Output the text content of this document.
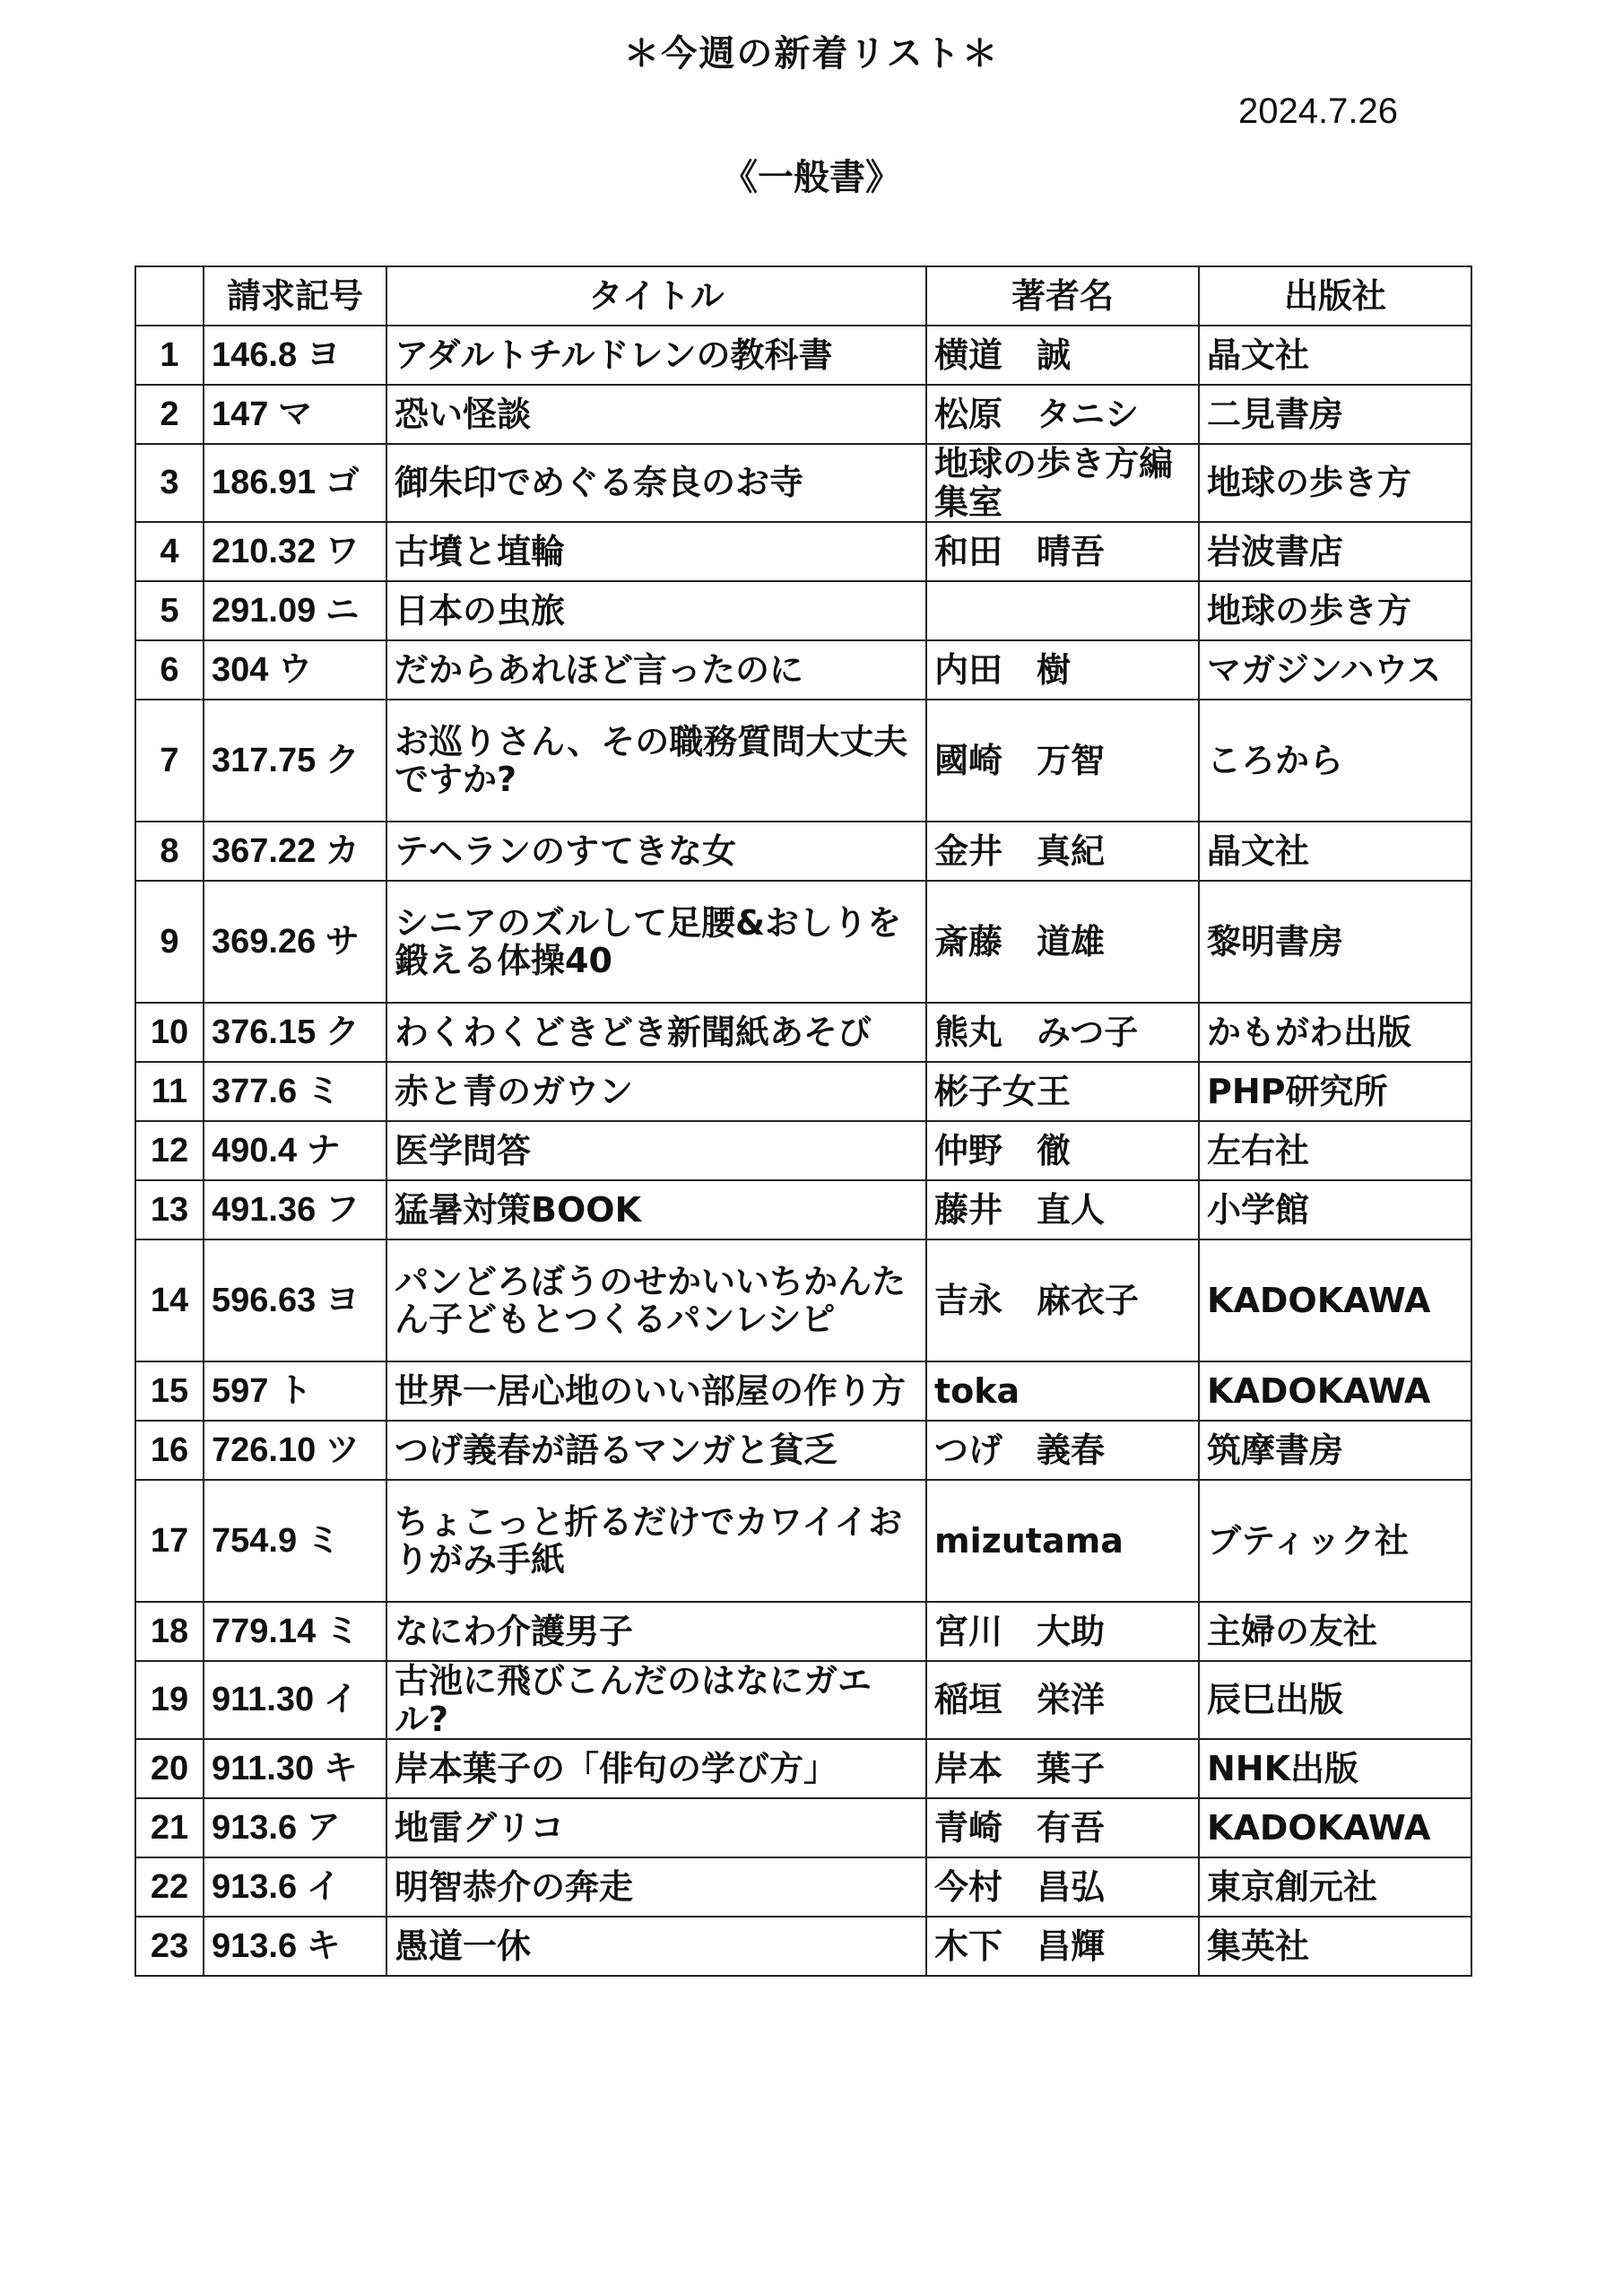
＊今週の新着リスト＊
2024.7.26
《一般書》
	請求記号	タイトル	著者名	出版社
1	146.8 ヨ	アダルトチルドレンの教科書	横道　誠	晶文社
2	147 マ	恐い怪談	松原　タニシ	二見書房
3	186.91 ゴ	御朱印でめぐる奈良のお寺	地球の歩き方編集室	地球の歩き方
4	210.32 ワ	古墳と埴輪	和田　晴吾	岩波書店
5	291.09 ニ	日本の虫旅		地球の歩き方
6	304 ウ	だからあれほど言ったのに	内田　樹	マガジンハウス
7	317.75 ク	お巡りさん、その職務質問大丈夫ですか?	國崎　万智	ころから
8	367.22 カ	テヘランのすてきな女	金井　真紀	晶文社
9	369.26 サ	シニアのズルして足腰&おしりを鍛える体操40	斎藤　道雄	黎明書房
10	376.15 ク	わくわくどきどき新聞紙あそび	熊丸　みつ子	かもがわ出版
11	377.6 ミ	赤と青のガウン	彬子女王	PHP研究所
12	490.4 ナ	医学問答	仲野　徹	左右社
13	491.36 フ	猛暑対策BOOK	藤井　直人	小学館
14	596.63 ヨ	パンどろぼうのせかいいちかんたん子どもとつくるパンレシピ	吉永　麻衣子	KADOKAWA
15	597 ト	世界一居心地のいい部屋の作り方	toka	KADOKAWA
16	726.10 ツ	つげ義春が語るマンガと貧乏	つげ　義春	筑摩書房
17	754.9 ミ	ちょこっと折るだけでカワイイおりがみ手紙	mizutama	ブティック社
18	779.14 ミ	なにわ介護男子	宮川　大助	主婦の友社
19	911.30 イ	古池に飛びこんだのはなにガエル?	稲垣　栄洋	辰巳出版
20	911.30 キ	岸本葉子の「俳句の学び方」	岸本　葉子	NHK出版
21	913.6 ア	地雷グリコ	青崎　有吾	KADOKAWA
22	913.6 イ	明智恭介の奔走	今村　昌弘	東京創元社
23	913.6 キ	愚道一休	木下　昌輝	集英社
